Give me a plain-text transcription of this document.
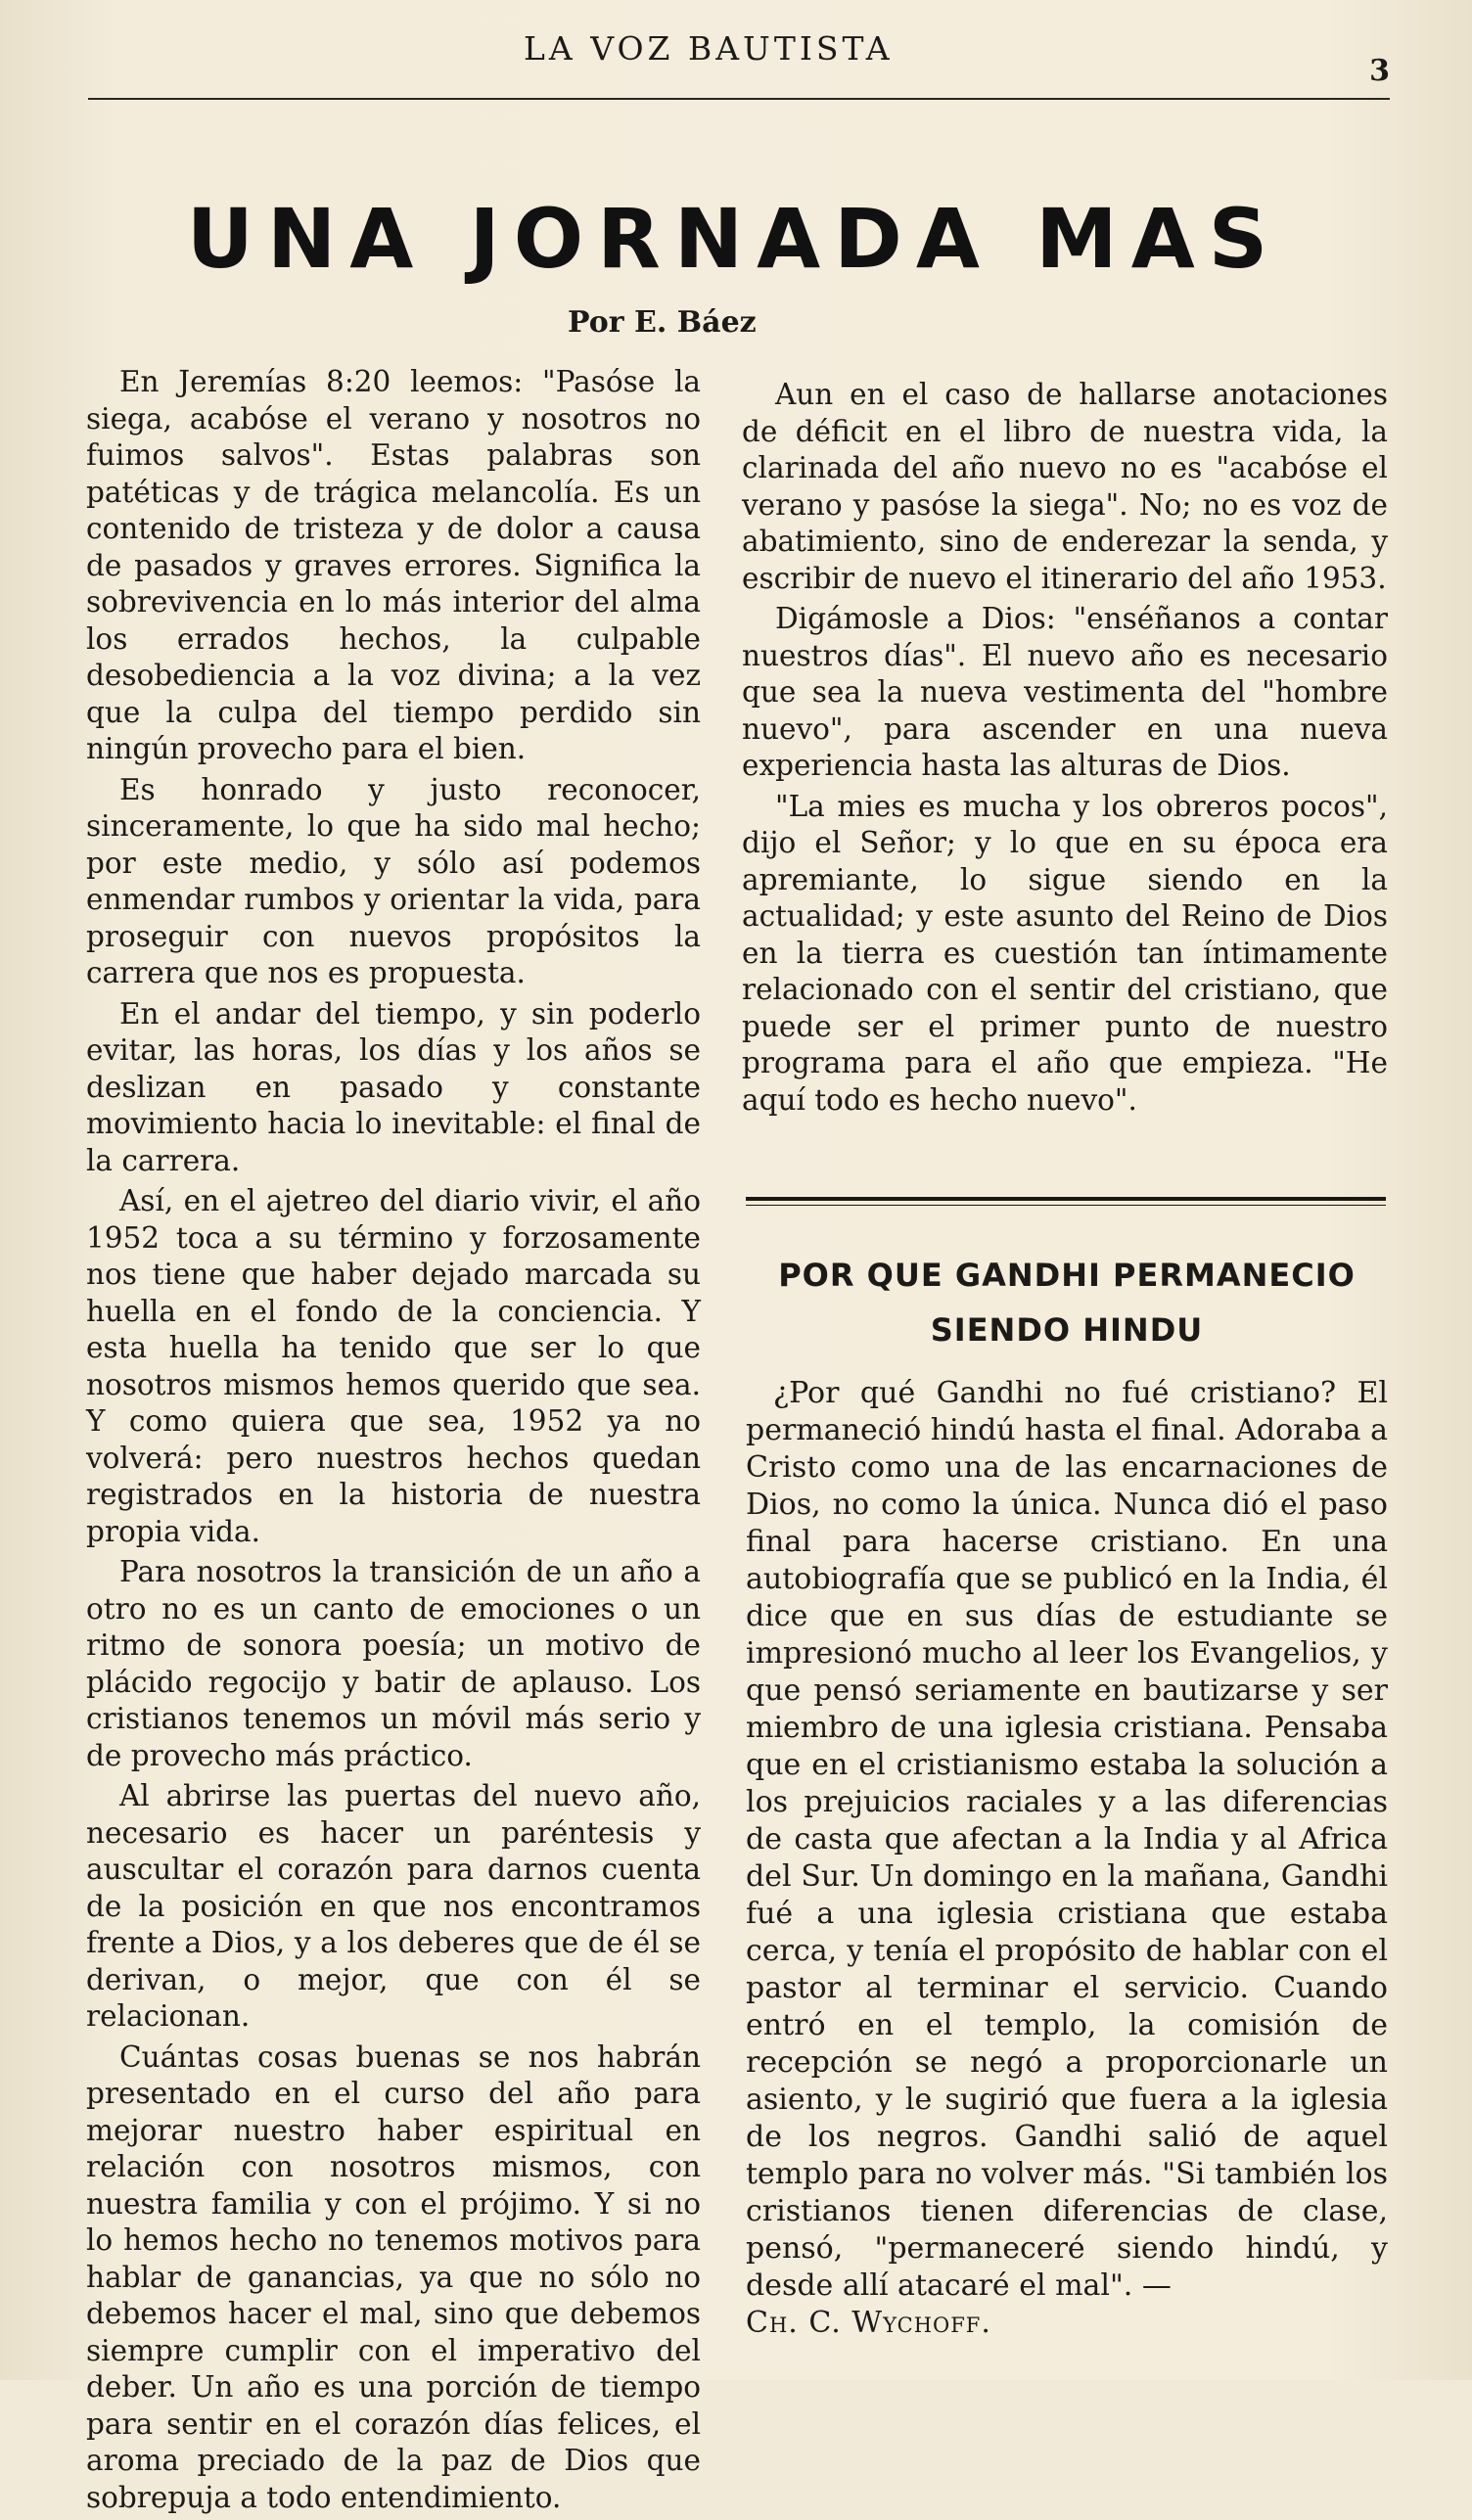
LA VOZ BAUTISTA
3
UNA JORNADA MAS
Por E. Báez

En Jeremías 8:20 leemos: "Pasóse la siega, acabóse el verano y nosotros no fuimos salvos". Estas palabras son patéticas y de trágica melancolía. Es un contenido de tristeza y de dolor a causa de pasados y graves errores. Significa la sobrevivencia en lo más interior del alma los errados hechos, la culpable desobediencia a la voz divina; a la vez que la culpa del tiempo perdido sin ningún provecho para el bien.

Es honrado y justo reconocer, sinceramente, lo que ha sido mal hecho; por este medio, y sólo así podemos enmendar rumbos y orientar la vida, para proseguir con nuevos propósitos la carrera que nos es propuesta.

En el andar del tiempo, y sin poderlo evitar, las horas, los días y los años se deslizan en pasado y constante movimiento hacia lo inevitable: el final de la carrera.

Así, en el ajetreo del diario vivir, el año 1952 toca a su término y forzosamente nos tiene que haber dejado marcada su huella en el fondo de la conciencia. Y esta huella ha tenido que ser lo que nosotros mismos hemos querido que sea. Y como quiera que sea, 1952 ya no volverá: pero nuestros hechos quedan registrados en la historia de nuestra propia vida.

Para nosotros la transición de un año a otro no es un canto de emociones o un ritmo de sonora poesía; un motivo de plácido regocijo y batir de aplauso. Los cristianos tenemos un móvil más serio y de provecho más práctico.

Al abrirse las puertas del nuevo año, necesario es hacer un paréntesis y auscultar el corazón para darnos cuenta de la posición en que nos encontramos frente a Dios, y a los deberes que de él se derivan, o mejor, que con él se relacionan.

Cuántas cosas buenas se nos habrán presentado en el curso del año para mejorar nuestro haber espiritual en relación con nosotros mismos, con nuestra familia y con el prójimo. Y si no lo hemos hecho no tenemos motivos para hablar de ganancias, ya que no sólo no debemos hacer el mal, sino que debemos siempre cumplir con el imperativo del deber. Un año es una porción de tiempo para sentir en el corazón días felices, el aroma preciado de la paz de Dios que sobrepuja a todo entendimiento.

Aun en el caso de hallarse anotaciones de déficit en el libro de nuestra vida, la clarinada del año nuevo no es "acabóse el verano y pasóse la siega". No; no es voz de abatimiento, sino de enderezar la senda, y escribir de nuevo el itinerario del año 1953.

Digámosle a Dios: "enséñanos a contar nuestros días". El nuevo año es necesario que sea la nueva vestimenta del "hombre nuevo", para ascender en una nueva experiencia hasta las alturas de Dios.

"La mies es mucha y los obreros pocos", dijo el Señor; y lo que en su época era apremiante, lo sigue siendo en la actualidad; y este asunto del Reino de Dios en la tierra es cuestión tan íntimamente relacionado con el sentir del cristiano, que puede ser el primer punto de nuestro programa para el año que empieza. "He aquí todo es hecho nuevo".

POR QUE GANDHI PERMANECIO
SIENDO HINDU

¿Por qué Gandhi no fué cristiano? El permaneció hindú hasta el final. Adoraba a Cristo como una de las encarnaciones de Dios, no como la única. Nunca dió el paso final para hacerse cristiano. En una autobiografía que se publicó en la India, él dice que en sus días de estudiante se impresionó mucho al leer los Evangelios, y que pensó seriamente en bautizarse y ser miembro de una iglesia cristiana. Pensaba que en el cristianismo estaba la solución a los prejuicios raciales y a las diferencias de casta que afectan a la India y al Africa del Sur. Un domingo en la mañana, Gandhi fué a una iglesia cristiana que estaba cerca, y tenía el propósito de hablar con el pastor al terminar el servicio. Cuando entró en el templo, la comisión de recepción se negó a proporcionarle un asiento, y le sugirió que fuera a la iglesia de los negros. Gandhi salió de aquel templo para no volver más. "Si también los cristianos tienen diferencias de clase, pensó, "permaneceré siendo hindú, y desde allí atacaré el mal". —

Ch. C. Wychoff.
